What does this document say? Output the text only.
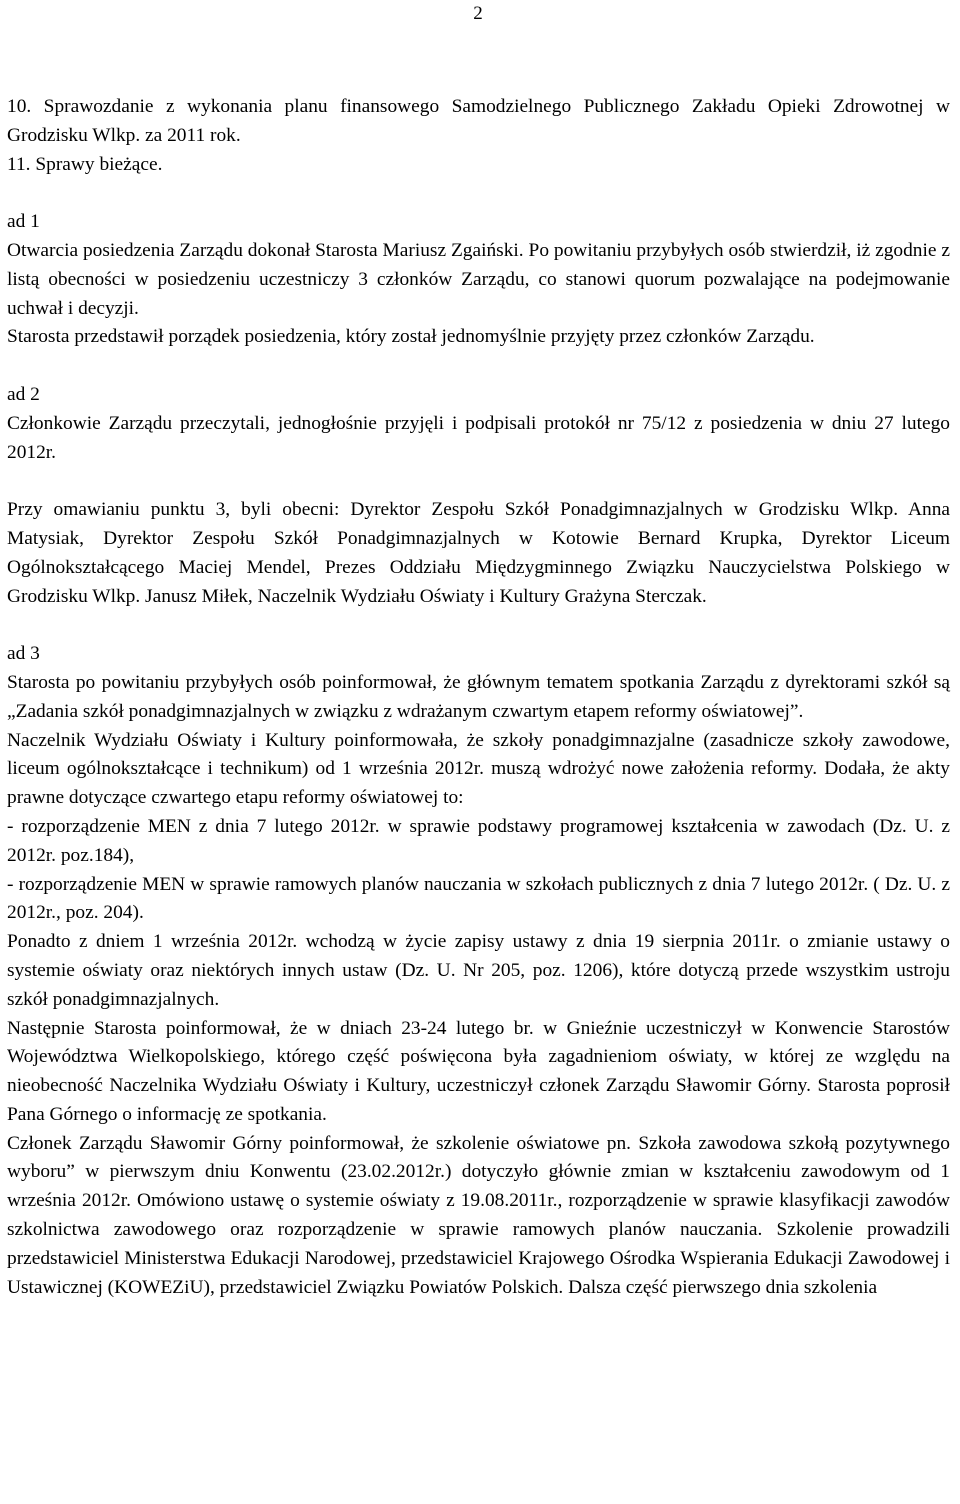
2

10. Sprawozdanie z wykonania planu finansowego Samodzielnego Publicznego Zakładu Opieki Zdrowotnej w Grodzisku Wlkp. za 2011 rok.

11. Sprawy bieżące.

ad 1

Otwarcia posiedzenia Zarządu dokonał Starosta Mariusz Zgaiński. Po powitaniu przybyłych osób stwierdził, iż zgodnie z listą obecności w posiedzeniu uczestniczy 3 członków Zarządu, co stanowi quorum pozwalające na podejmowanie uchwał i decyzji.

Starosta przedstawił porządek posiedzenia, który został jednomyślnie przyjęty przez członków Zarządu.

ad 2

Członkowie Zarządu przeczytali, jednogłośnie przyjęli i podpisali protokół nr 75/12 z posiedzenia w dniu 27 lutego 2012r.

Przy omawianiu punktu 3, byli obecni: Dyrektor Zespołu Szkół Ponadgimnazjalnych w Grodzisku Wlkp. Anna Matysiak, Dyrektor Zespołu Szkół Ponadgimnazjalnych w Kotowie Bernard Krupka, Dyrektor Liceum Ogólnokształcącego Maciej Mendel, Prezes Oddziału Międzygminnego Związku Nauczycielstwa Polskiego w Grodzisku Wlkp. Janusz Miłek, Naczelnik Wydziału Oświaty i Kultury Grażyna Sterczak.

ad 3

Starosta po powitaniu przybyłych osób poinformował, że głównym tematem spotkania Zarządu z dyrektorami szkół są „Zadania szkół ponadgimnazjalnych w związku z wdrażanym czwartym etapem reformy oświatowej”.

Naczelnik Wydziału Oświaty i Kultury poinformowała, że szkoły ponadgimnazjalne (zasadnicze szkoły zawodowe, liceum ogólnokształcące i technikum) od 1 września 2012r. muszą wdrożyć nowe założenia reformy. Dodała, że akty prawne dotyczące czwartego etapu reformy oświatowej to:

- rozporządzenie MEN z dnia 7 lutego 2012r. w sprawie podstawy programowej kształcenia w zawodach (Dz. U. z 2012r. poz.184),

- rozporządzenie MEN w sprawie ramowych planów nauczania w szkołach publicznych z dnia 7 lutego 2012r. ( Dz. U. z 2012r., poz. 204).

Ponadto z dniem 1 września 2012r. wchodzą w życie zapisy ustawy z dnia 19 sierpnia 2011r. o zmianie ustawy o systemie oświaty oraz niektórych innych ustaw (Dz. U. Nr 205, poz. 1206), które dotyczą przede wszystkim ustroju szkół ponadgimnazjalnych.

Następnie Starosta poinformował, że w dniach 23-24 lutego br. w Gnieźnie uczestniczył w Konwencie Starostów Województwa Wielkopolskiego, którego część poświęcona była zagadnieniom oświaty, w której ze względu na nieobecność Naczelnika Wydziału Oświaty i Kultury, uczestniczył członek Zarządu Sławomir Górny. Starosta poprosił Pana Górnego o informację ze spotkania.

Członek Zarządu Sławomir Górny poinformował, że szkolenie oświatowe pn. Szkoła zawodowa szkołą pozytywnego wyboru” w pierwszym dniu Konwentu (23.02.2012r.) dotyczyło głównie zmian w kształceniu zawodowym od 1 września 2012r. Omówiono ustawę o systemie oświaty z 19.08.2011r., rozporządzenie w sprawie klasyfikacji zawodów szkolnictwa zawodowego oraz rozporządzenie w sprawie ramowych planów nauczania. Szkolenie prowadzili przedstawiciel Ministerstwa Edukacji Narodowej, przedstawiciel Krajowego Ośrodka Wspierania Edukacji Zawodowej i Ustawicznej (KOWEZiU), przedstawiciel Związku Powiatów Polskich. Dalsza część pierwszego dnia szkolenia
